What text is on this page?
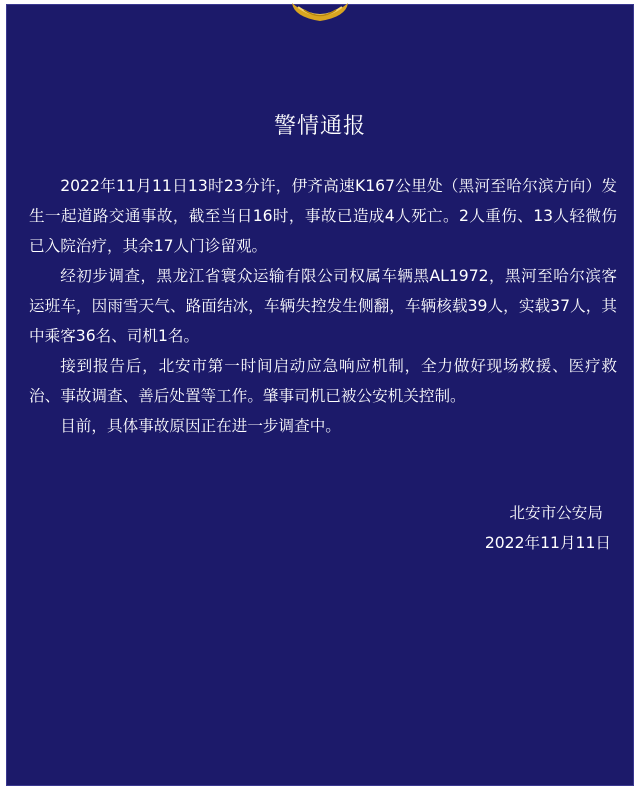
警情通报

2022年11月11日13时23分许，伊齐高速K167公里处（黑河至哈尔滨方向）发生一起道路交通事故，截至当日16时，事故已造成4人死亡。2人重伤、13人轻微伤已入院治疗，其余17人门诊留观。

经初步调查，黑龙江省寰众运输有限公司权属车辆黑AL1972，黑河至哈尔滨客运班车，因雨雪天气、路面结冰，车辆失控发生侧翻，车辆核载39人，实载37人，其中乘客36名、司机1名。

接到报告后，北安市第一时间启动应急响应机制，全力做好现场救援、医疗救治、事故调查、善后处置等工作。肇事司机已被公安机关控制。

目前，具体事故原因正在进一步调查中。

北安市公安局
2022年11月11日
